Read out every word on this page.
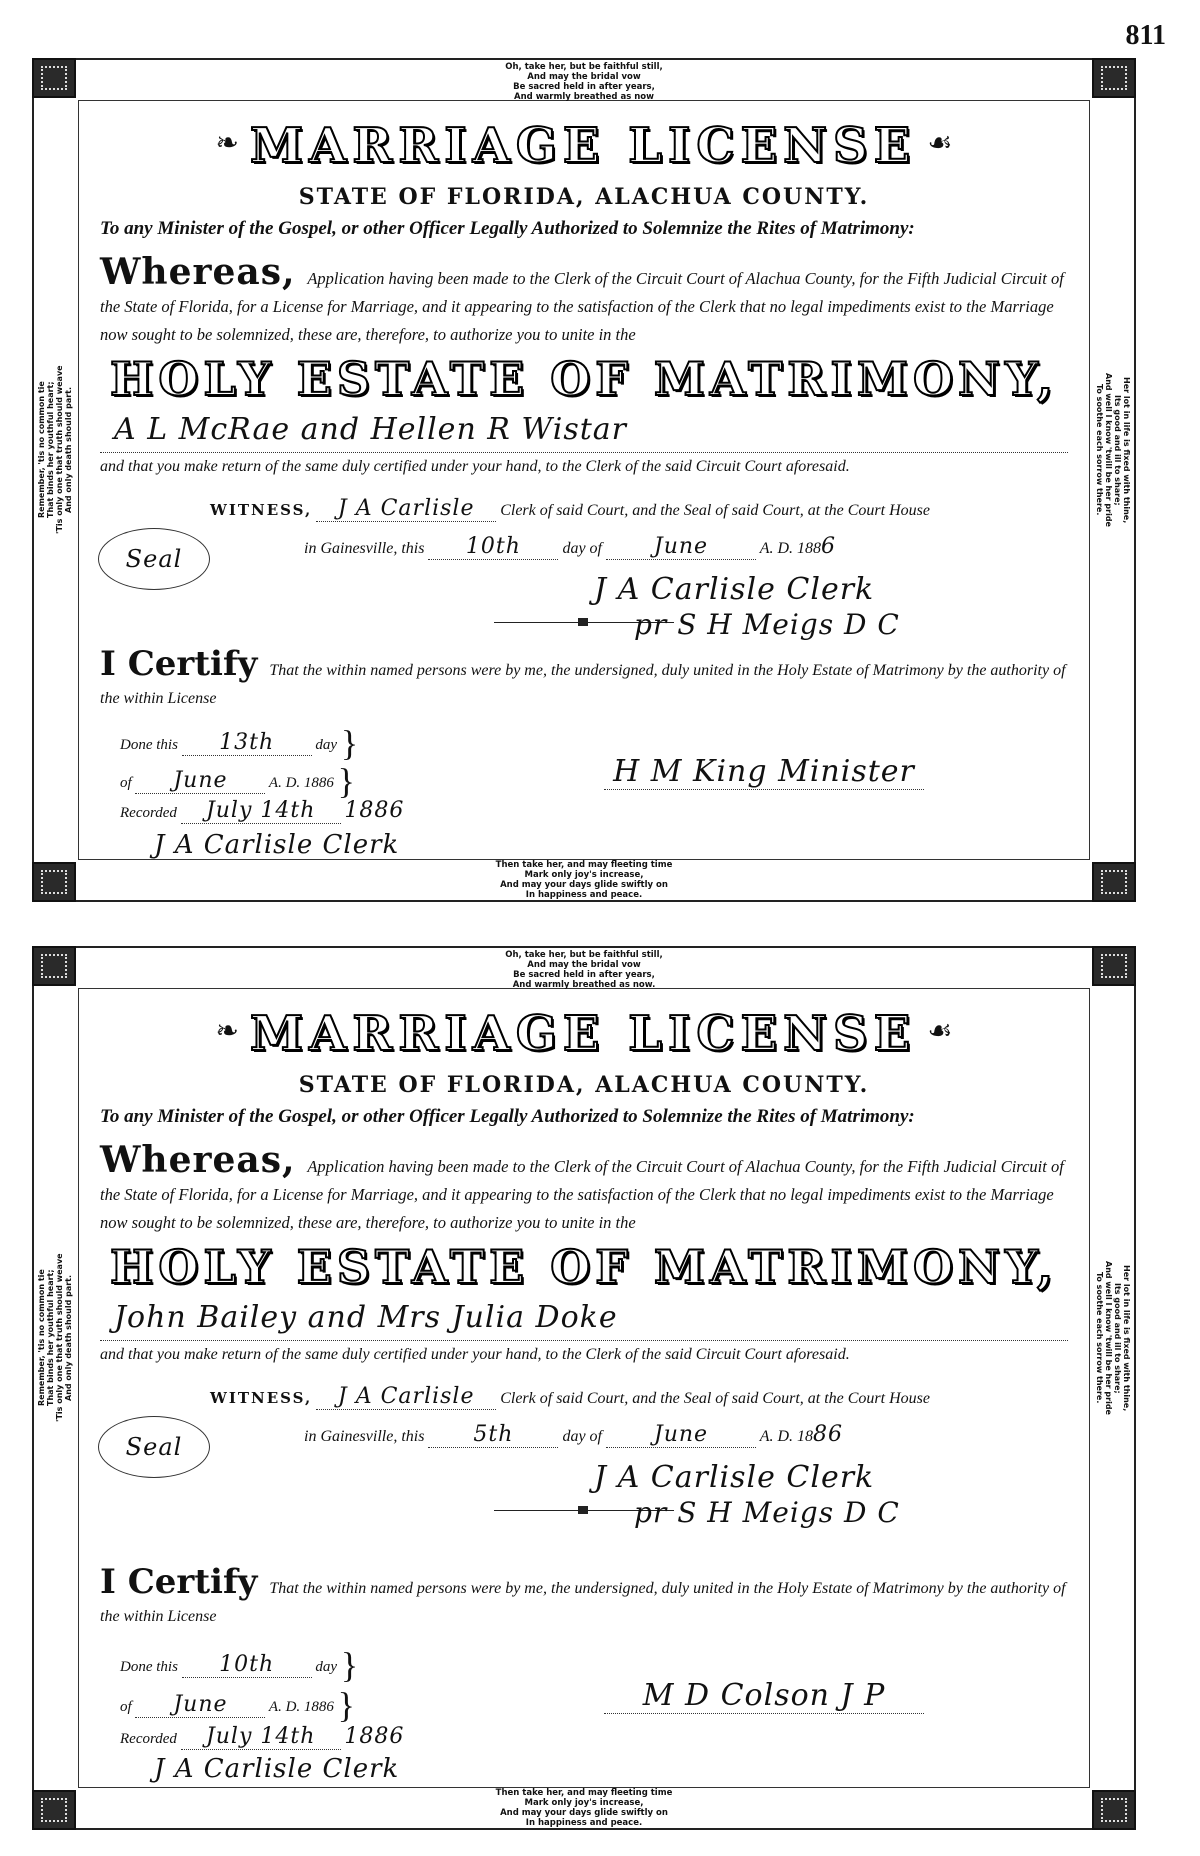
811
Oh, take her, but be faithful still,
And may the bridal vow
Be sacred held in after years,
And warmly breathed as now
Remember, 'tis no common tie That binds her youthful heart; 'Tis only one that truth should weave And only death should part.	Her lot in life is fixed with thine,
Its good and ill to share;
And well I know 'twill be her pride
To soothe each sorrow there.
❧ MARRIAGE LICENSE ☙
STATE OF FLORIDA, ALACHUA COUNTY.
To any Minister of the Gospel, or other Officer Legally Authorized to Solemnize the Rites of Matrimony:
Whereas, Application having been made to the Clerk of the Circuit Court of Alachua County, for the Fifth Judicial Circuit of the State of Florida, for a License for Marriage, and it appearing to the satisfaction of the Clerk that no legal impediments exist to the Marriage now sought to be solemnized, these are, therefore, to authorize you to unite in the
HOLY ESTATE OF MATRIMONY,
A L McRae and Hellen R Wistar
and that you make return of the same duly certified under your hand, to the Clerk of the said Circuit Court aforesaid.
WITNESS, J A Carlisle Clerk of said Court, and the Seal of said Court, at the Court House
Seal	in Gainesville, this 10th	day of June	A. D. 1886
J A Carlisle Clerk
pr S H Meigs D C
I Certify That the within named persons were by me, the undersigned, duly united in the Holy Estate of Matrimony by the authority of the within License
Done this 13th	day }
of June	A. D. 1886 }	H M King Minister
Recorded July 14th 1886
J A Carlisle Clerk
Then take her, and may fleeting time
Mark only joy's increase,
And may your days glide swiftly on
In happiness and peace.
Oh, take her, but be faithful still,
And may the bridal vow
Be sacred held in after years,
And warmly breathed as now.
Remember, 'tis no common tie That binds her youthful heart; 'Tis only one that truth should weave And only death should part.	Her lot in life is fixed with thine,
Its good and ill to share;
And well I know 'twill be her pride
To soothe each sorrow there.
❧ MARRIAGE LICENSE ☙
STATE OF FLORIDA, ALACHUA COUNTY.
To any Minister of the Gospel, or other Officer Legally Authorized to Solemnize the Rites of Matrimony:
Whereas, Application having been made to the Clerk of the Circuit Court of Alachua County, for the Fifth Judicial Circuit of the State of Florida, for a License for Marriage, and it appearing to the satisfaction of the Clerk that no legal impediments exist to the Marriage now sought to be solemnized, these are, therefore, to authorize you to unite in the
HOLY ESTATE OF MATRIMONY,
John Bailey and Mrs Julia Doke
and that you make return of the same duly certified under your hand, to the Clerk of the said Circuit Court aforesaid.
WITNESS, J A Carlisle Clerk of said Court, and the Seal of said Court, at the Court House
Seal	in Gainesville, this 5th	day of June	A. D. 1886
J A Carlisle Clerk
pr S H Meigs D C
I Certify That the within named persons were by me, the undersigned, duly united in the Holy Estate of Matrimony by the authority of the within License
Done this 10th	day }
of June	A. D. 1886 }	M D Colson J P
Recorded July 14th 1886
J A Carlisle Clerk
Then take her, and may fleeting time
Mark only joy's increase,
And may your days glide swiftly on
In happiness and peace.
